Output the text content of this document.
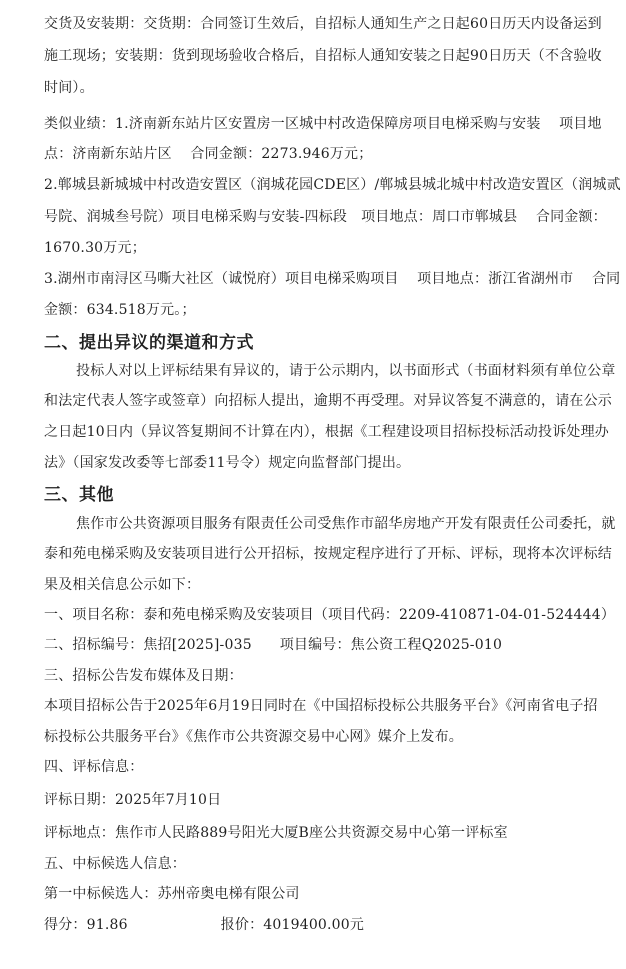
交货及安装期：交货期：合同签订生效后，自招标人通知生产之日起60日历天内设备运到
施工现场；安装期：货到现场验收合格后，自招标人通知安装之日起90日历天（不含验收
时间）。
类似业绩：1.济南新东站片区安置房一区城中村改造保障房项目电梯采购与安装    项目地
点：济南新东站片区    合同金额：2273.946万元；
2.郸城县新城城中村改造安置区（润城花园CDE区）/郸城县城北城中村改造安置区（润城贰
号院、润城叁号院）项目电梯采购与安装-四标段   项目地点：周口市郸城县    合同金额：
1670.30万元；
3.湖州市南浔区马嘶大社区（诚悦府）项目电梯采购项目    项目地点：浙江省湖州市    合同
金额：634.518万元。；
二、提出异议的渠道和方式
投标人对以上评标结果有异议的，请于公示期内，以书面形式（书面材料须有单位公章
和法定代表人签字或签章）向招标人提出，逾期不再受理。对异议答复不满意的，请在公示
之日起10日内（异议答复期间不计算在内），根据《工程建设项目招标投标活动投诉处理办
法》（国家发改委等七部委11号令）规定向监督部门提出。
三、其他
焦作市公共资源项目服务有限责任公司受焦作市韶华房地产开发有限责任公司委托，就
泰和苑电梯采购及安装项目进行公开招标，按规定程序进行了开标、评标，现将本次评标结
果及相关信息公示如下：
一、项目名称：泰和苑电梯采购及安装项目（项目代码：2209-410871-04-01-524444）
二、招标编号：焦招[2025]-035      项目编号：焦公资工程Q2025-010
三、招标公告发布媒体及日期：
本项目招标公告于2025年6月19日同时在《中国招标投标公共服务平台》《河南省电子招
标投标公共服务平台》《焦作市公共资源交易中心网》媒介上发布。
四、评标信息：
评标日期：2025年7月10日
评标地点：焦作市人民路889号阳光大厦B座公共资源交易中心第一评标室
五、中标候选人信息：
第一中标候选人：苏州帝奥电梯有限公司
得分：91.86                    报价：4019400.00元
